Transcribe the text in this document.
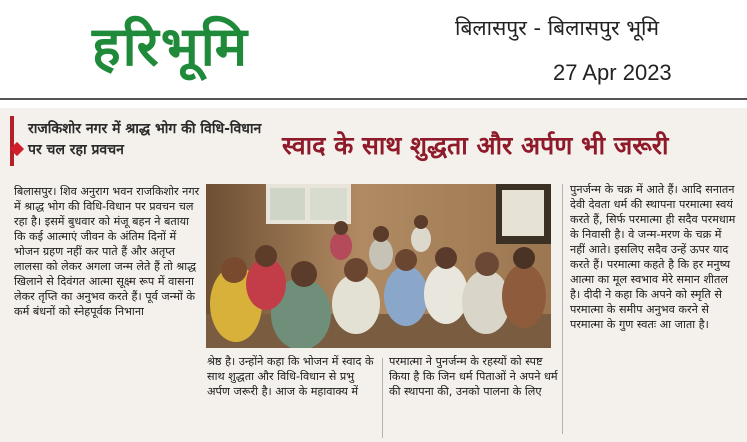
हरिभूमि	बिलासपुर - बिलासपुर भूमि
27 Apr 2023
राजकिशोर नगर में श्राद्ध भोग की विधि-विधान पर चल रहा प्रवचन	स्वाद के साथ शुद्धता और अर्पण भी जरूरी

बिलासपुर। शिव अनुराग भवन राजकिशोर नगर में श्राद्ध भोग की विधि-विधान पर प्रवचन चल रहा है। इसमें बुधवार को मंजू बहन ने बताया कि कई आत्माएं जीवन के अंतिम दिनों में भोजन ग्रहण नहीं कर पाते हैं और अतृप्त लालसा को लेकर अगला जन्म लेते हैं तो श्राद्ध खिलाने से दिवंगत आत्मा सूक्ष्म रूप में वासना लेकर तृप्ति का अनुभव करते हैं। पूर्व जन्मों के कर्म बंधनों को स्नेहपूर्वक निभाना

श्रेष्ठ है। उन्होंने कहा कि भोजन में स्वाद के साथ शुद्धता और विधि-विधान से प्रभु अर्पण जरूरी है। आज के महावाक्य में

परमात्मा ने पुनर्जन्म के रहस्यों को स्पष्ट किया है कि जिन धर्म पिताओं ने अपने धर्म की स्थापना की, उनको पालना के लिए

पुनर्जन्म के चक्र में आते हैं। आदि सनातन देवी देवता धर्म की स्थापना परमात्मा स्वयं करते हैं, सिर्फ परमात्मा ही सदैव परमधाम के निवासी है। वे जन्म-मरण के चक्र में नहीं आते। इसलिए सदैव उन्हें ऊपर याद करते हैं। परमात्मा कहते है कि हर मनुष्य आत्मा का मूल स्वभाव मेरे समान शीतल है। दीदी ने कहा कि अपने को स्मृति से परमात्मा के समीप अनुभव करने से परमात्मा के गुण स्वतः आ जाता है।
